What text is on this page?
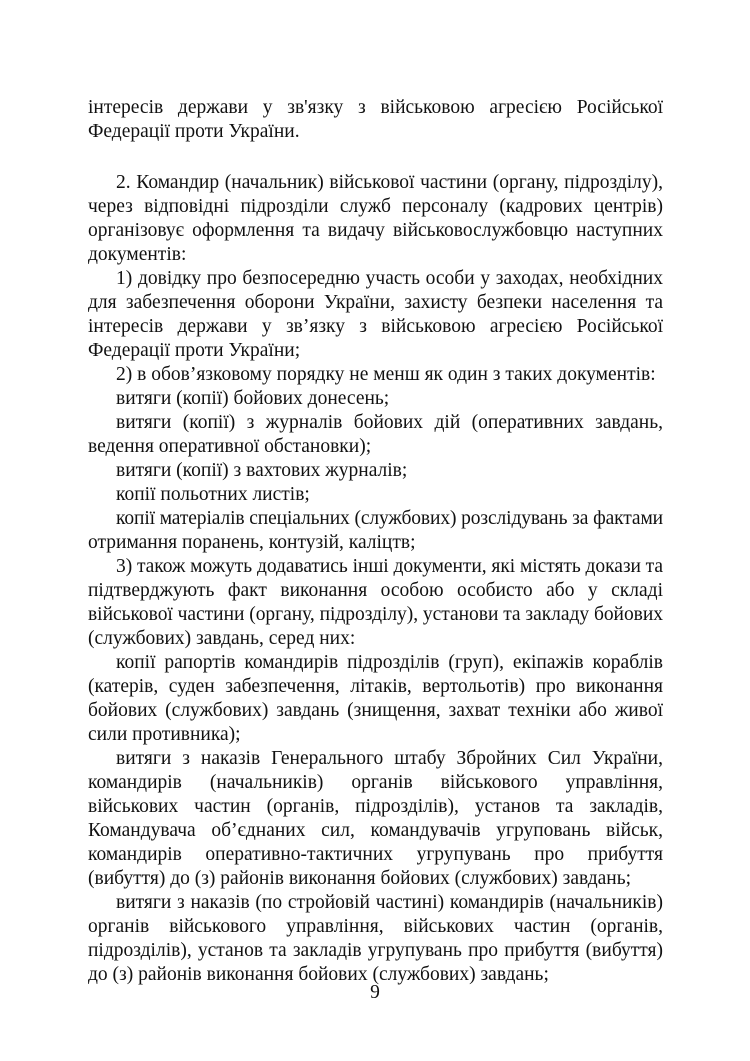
інтересів держави у зв'язку з військовою агресією Російської
Федерації проти України.
2. Командир (начальник) військової частини (органу, підрозділу),
через відповідні підрозділи служб персоналу (кадрових центрів)
організовує оформлення та видачу військовослужбовцю наступних
документів:
1) довідку про безпосередню участь особи у заходах, необхідних
для забезпечення оборони України, захисту безпеки населення та
інтересів держави у зв’язку з військовою агресією Російської
Федерації проти України;
2) в обов’язковому порядку не менш як один з таких документів:
витяги (копії) бойових донесень;
витяги (копії) з журналів бойових дій (оперативних завдань,
ведення оперативної обстановки);
витяги (копії) з вахтових журналів;
копії польотних листів;
копії матеріалів спеціальних (службових) розслідувань за фактами
отримання поранень, контузій, каліцтв;
3) також можуть додаватись інші документи, які містять докази та
підтверджують факт виконання особою особисто або у складі
військової частини (органу, підрозділу), установи та закладу бойових
(службових) завдань, серед них:
копії рапортів командирів підрозділів (груп), екіпажів кораблів
(катерів, суден забезпечення, літаків, вертольотів) про виконання
бойових (службових) завдань (знищення, захват техніки або живої
сили противника);
витяги з наказів Генерального штабу Збройних Сил України,
командирів (начальників) органів військового управління,
військових частин (органів, підрозділів), установ та закладів,
Командувача об’єднаних сил, командувачів угруповань військ,
командирів оперативно-тактичних угрупувань про прибуття
(вибуття) до (з) районів виконання бойових (службових) завдань;
витяги з наказів (по стройовій частині) командирів (начальників)
органів військового управління, військових частин (органів,
підрозділів), установ та закладів угрупувань про прибуття (вибуття)
до (з) районів виконання бойових (службових) завдань;
9
